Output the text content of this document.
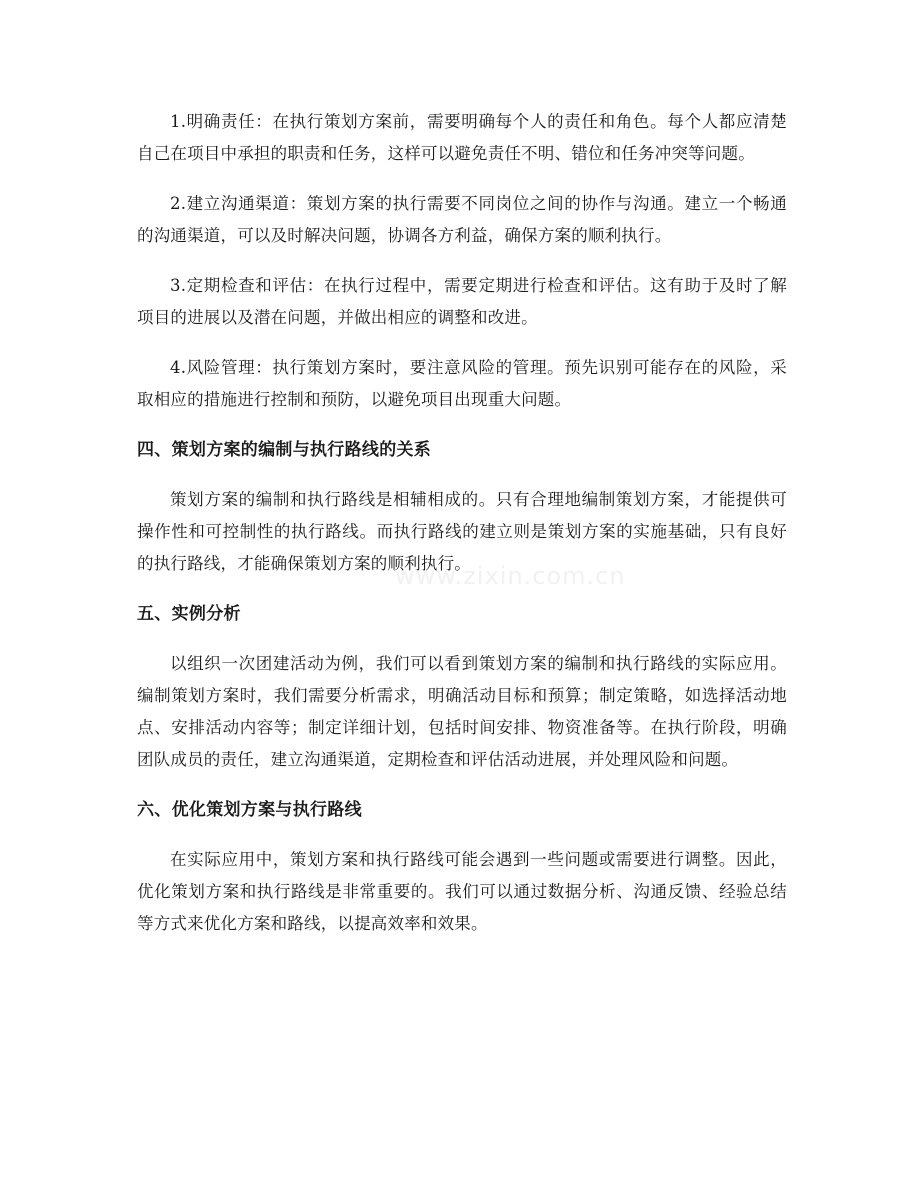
1.明确责任：在执行策划方案前，需要明确每个人的责任和角色。每个人都应清楚自己在项目中承担的职责和任务，这样可以避免责任不明、错位和任务冲突等问题。

2.建立沟通渠道：策划方案的执行需要不同岗位之间的协作与沟通。建立一个畅通的沟通渠道，可以及时解决问题，协调各方利益，确保方案的顺利执行。

3.定期检查和评估：在执行过程中，需要定期进行检查和评估。这有助于及时了解项目的进展以及潜在问题，并做出相应的调整和改进。

4.风险管理：执行策划方案时，要注意风险的管理。预先识别可能存在的风险，采取相应的措施进行控制和预防，以避免项目出现重大问题。

四、策划方案的编制与执行路线的关系

策划方案的编制和执行路线是相辅相成的。只有合理地编制策划方案，才能提供可操作性和可控制性的执行路线。而执行路线的建立则是策划方案的实施基础，只有良好的执行路线，才能确保策划方案的顺利执行。

五、实例分析

以组织一次团建活动为例，我们可以看到策划方案的编制和执行路线的实际应用。编制策划方案时，我们需要分析需求，明确活动目标和预算；制定策略，如选择活动地点、安排活动内容等；制定详细计划，包括时间安排、物资准备等。在执行阶段，明确团队成员的责任，建立沟通渠道，定期检查和评估活动进展，并处理风险和问题。

六、优化策划方案与执行路线

在实际应用中，策划方案和执行路线可能会遇到一些问题或需要进行调整。因此，优化策划方案和执行路线是非常重要的。我们可以通过数据分析、沟通反馈、经验总结等方式来优化方案和路线，以提高效率和效果。

www.zixin.com.cn
